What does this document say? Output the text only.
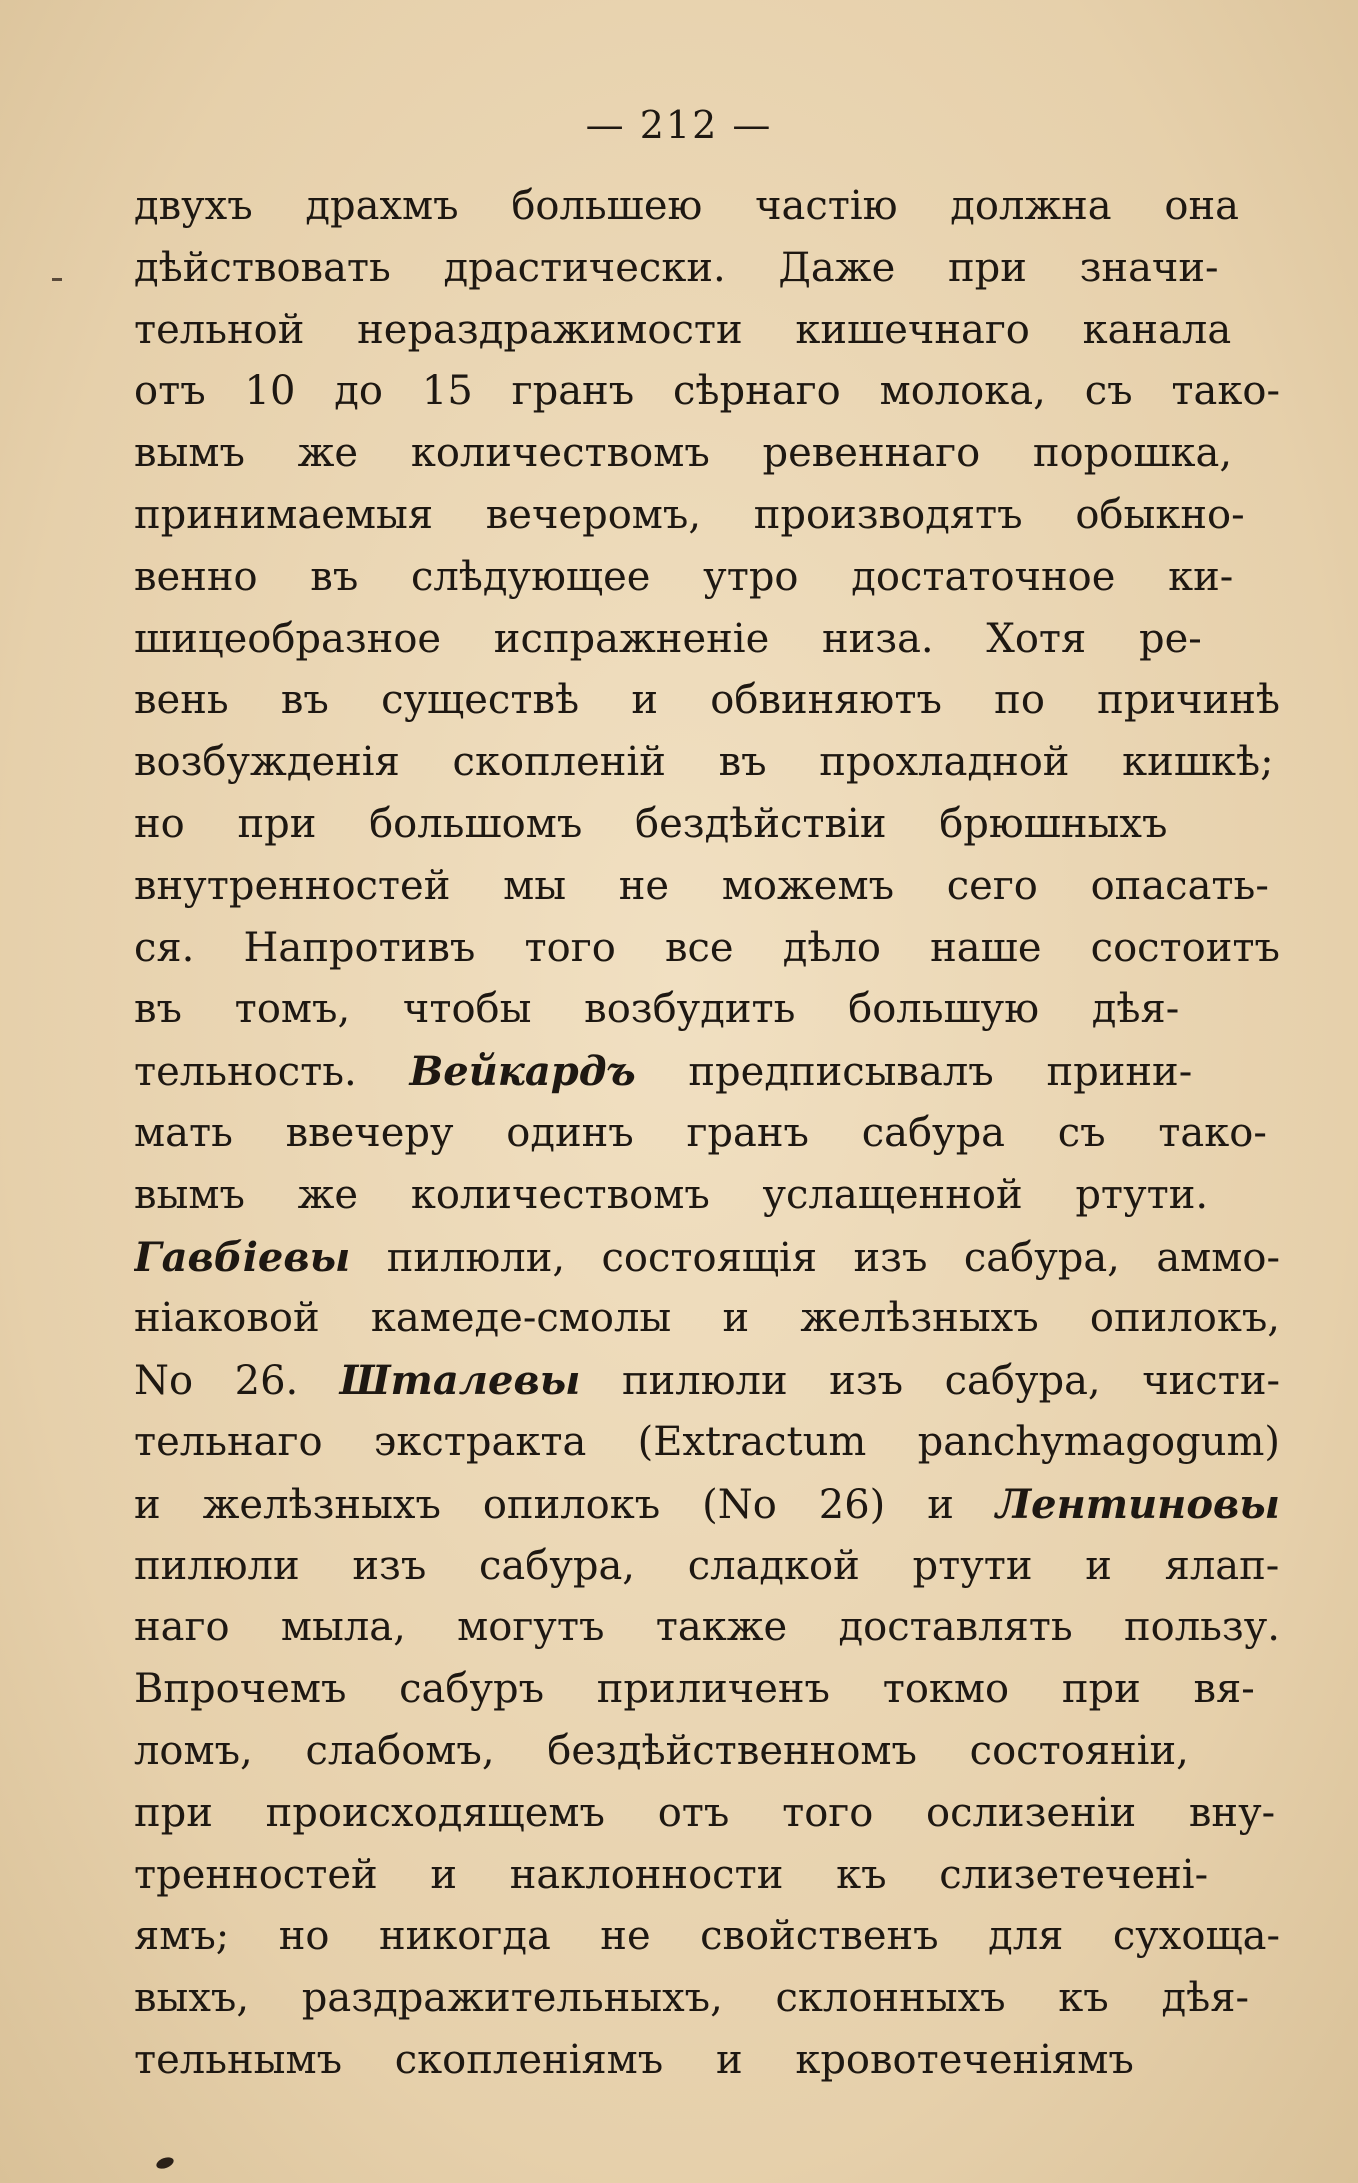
— 212 —
двухъ драхмъ большею частію должна она
дѣйствовать драстически. Даже при значи-
тельной нераздражимости кишечнаго канала
отъ 10 до 15 гранъ сѣрнаго молока, съ тако-
вымъ же количествомъ ревеннаго порошка,
принимаемыя вечеромъ, производятъ обыкно-
венно въ слѣдующее утро достаточное ки-
шицеобразное испражненіе низа. Хотя ре-
вень въ существѣ и обвиняютъ по причинѣ
возбужденія скопленій въ прохладной кишкѣ;
но при большомъ бездѣйствіи брюшныхъ
внутренностей мы не можемъ сего опасать-
ся. Напротивъ того все дѣло наше состоитъ
въ томъ, чтобы возбудить большую дѣя-
тельность. Вейкардъ предписывалъ прини-
мать ввечеру одинъ гранъ сабура съ тако-
вымъ же количествомъ услащенной ртути.
Гавбіевы пилюли, состоящія изъ сабура, аммо-
ніаковой камеде-смолы и желѣзныхъ опилокъ,
No 26. Шталевы пилюли изъ сабура, чисти-
тельнаго экстракта (Extractum panchymagogum)
и желѣзныхъ опилокъ (No 26) и Лентиновы
пилюли изъ сабура, сладкой ртути и ялап-
наго мыла, могутъ также доставлять пользу.
Впрочемъ сабуръ приличенъ токмо при вя-
ломъ, слабомъ, бездѣйственномъ состояніи,
при происходящемъ отъ того ослизеніи вну-
тренностей и наклонности къ слизетечені-
ямъ; но никогда не свойственъ для сухоща-
выхъ, раздражительныхъ, склонныхъ къ дѣя-
тельнымъ скопленіямъ и кровотеченіямъ
